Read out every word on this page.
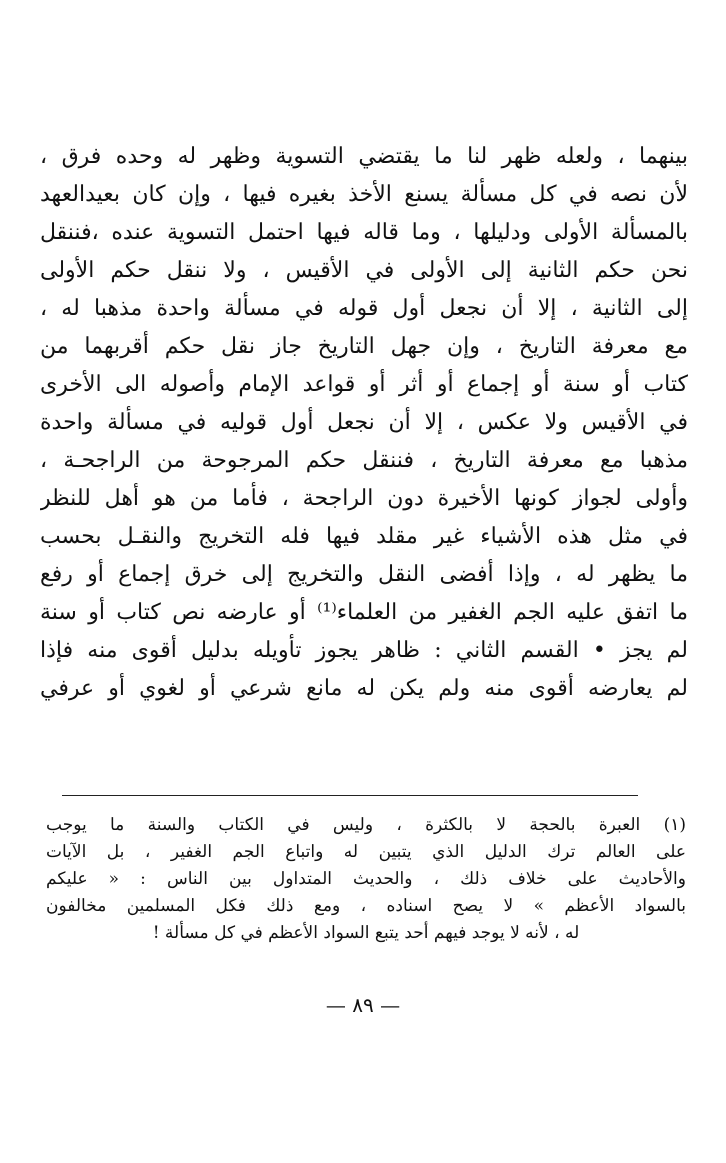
بينهما ، ولعله ظهر لنا ما يقتضي التسوية وظهر له وحده فرق ،
لأن نصه في كل مسألة يسنع الأخذ بغيره فيها ، وإن كان بعيدالعهد
بالمسألة الأولى ودليلها ، وما قاله فيها احتمل التسوية عنده ،فننقل
نحن حكم الثانية إلى الأولى في الأقيس ، ولا ننقل حكم الأولى
إلى الثانية ، إلا أن نجعل أول قوله في مسألة واحدة مذهبا له ،
مع معرفة التاريخ ، وإن جهل التاريخ جاز نقل حكم أقربهما من
كتاب أو سنة أو إجماع أو أثر أو قواعد الإمام وأصوله الى الأخرى
في الأقيس ولا عكس ، إلا أن نجعل أول قوليه في مسألة واحدة
مذهبا مع معرفة التاريخ ، فننقل حكم المرجوحة من الراجحـة ،
وأولى لجواز كونها الأخيرة دون الراجحة ، فأما من هو أهل للنظر
في مثل هذه الأشياء غير مقلد فيها فله التخريج والنقـل بحسب
ما يظهر له ، وإذا أفضى النقل والتخريج إلى خرق إجماع أو رفع
ما اتفق عليه الجم الغفير من العلماء⁽¹⁾ أو عارضه نص كتاب أو سنة
لم يجز • القسم الثاني : ظاهر يجوز تأويله بدليل أقوى منه فإذا
لم يعارضه أقوى منه ولم يكن له مانع شرعي أو لغوي أو عرفي
(١) العبرة بالحجة لا بالكثرة ، وليس في الكتاب والسنة ما يوجب
على العالم ترك الدليل الذي يتبين له واتباع الجم الغفير ، بل الآيات
والأحاديث على خلاف ذلك ، والحديث المتداول بين الناس : « عليكم
بالسواد الأعظم » لا يصح اسناده ، ومع ذلك فكل المسلمين مخالفون
له ، لأنه لا يوجد فيهم أحد يتبع السواد الأعظم في كل مسألة !
— ٨٩ —
